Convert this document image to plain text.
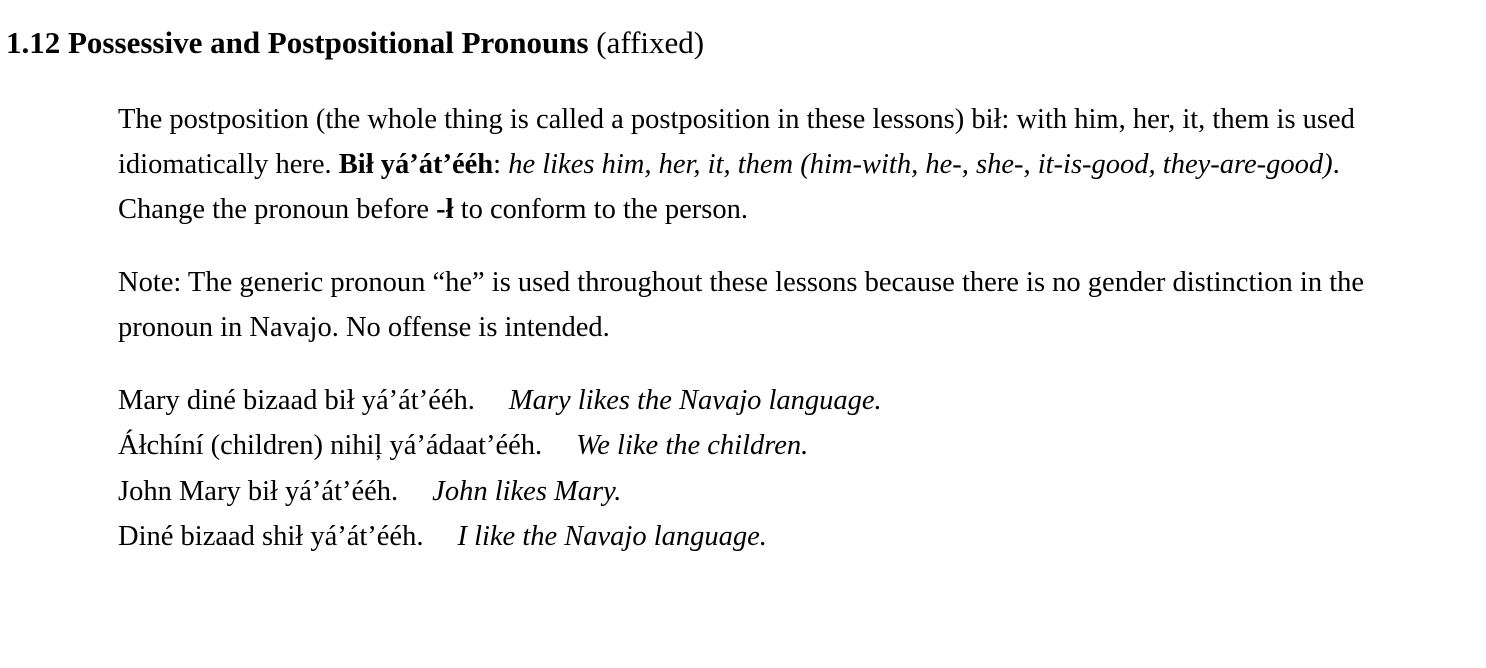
1.12 Possessive and Postpositional Pronouns (affixed)

The postposition (the whole thing is called a postposition in these lessons) bił: with him, her, it, them is used idiomatically here. Bił yá’át’ééh: he likes him, her, it, them (him-with, he-, she-, it-is-good, they-are-good). Change the pronoun before -ł to conform to the person.

Note: The generic pronoun “he” is used throughout these lessons because there is no gender distinction in the pronoun in Navajo. No offense is intended.

Mary diné bizaad bił yá’át’ééh. Mary likes the Navajo language.
Áłchíní (children) nihiļ yá’ádaat’ééh. We like the children.
John Mary bił yá’át’ééh. John likes Mary.
Diné bizaad shił yá’át’ééh. I like the Navajo language.
